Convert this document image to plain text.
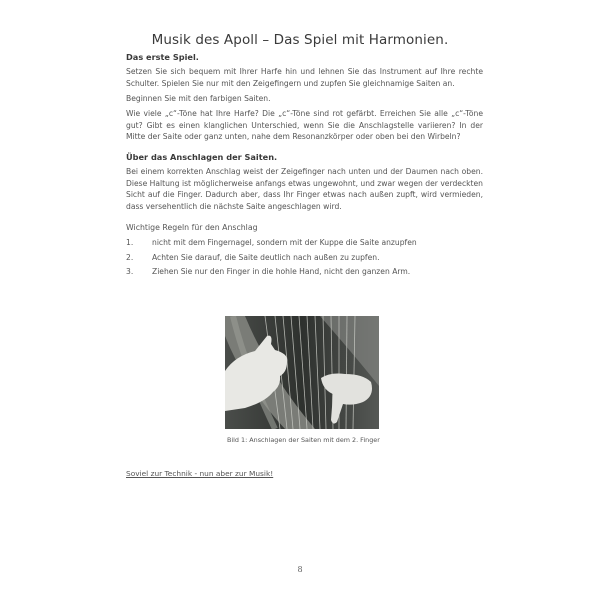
Musik des Apoll – Das Spiel mit Harmonien.
Das erste Spiel.
Setzen Sie sich bequem mit Ihrer Harfe hin und lehnen Sie das Instrument auf Ihre rechte Schulter. Spielen Sie nur mit den Zeigefingern und zupfen Sie gleichnamige Saiten an.
Beginnen Sie mit den farbigen Saiten.
Wie viele „c“-Töne hat Ihre Harfe? Die „c“-Töne sind rot gefärbt. Erreichen Sie alle „c“-Töne gut? Gibt es einen klanglichen Unterschied, wenn Sie die Anschlagstelle variieren? In der Mitte der Saite oder ganz unten, nahe dem Resonanzkörper oder oben bei den Wirbeln?
Über das Anschlagen der Saiten.
Bei einem korrekten Anschlag weist der Zeigefinger nach unten und der Daumen nach oben. Diese Haltung ist möglicherweise anfangs etwas ungewohnt, und zwar wegen der verdeckten Sicht auf die Finger. Dadurch aber, dass Ihr Finger etwas nach außen zupft, wird vermieden, dass versehentlich die nächste Saite angeschlagen wird.
Wichtige Regeln für den Anschlag
1.	nicht mit dem Fingernagel, sondern mit der Kuppe die Saite anzupfen
2.	Achten Sie darauf, die Saite deutlich nach außen zu zupfen.
3.	Ziehen Sie nur den Finger in die hohle Hand, nicht den ganzen Arm.
Bild 1: Anschlagen der Saiten mit dem 2. Finger
Soviel zur Technik - nun aber zur Musik!
8
